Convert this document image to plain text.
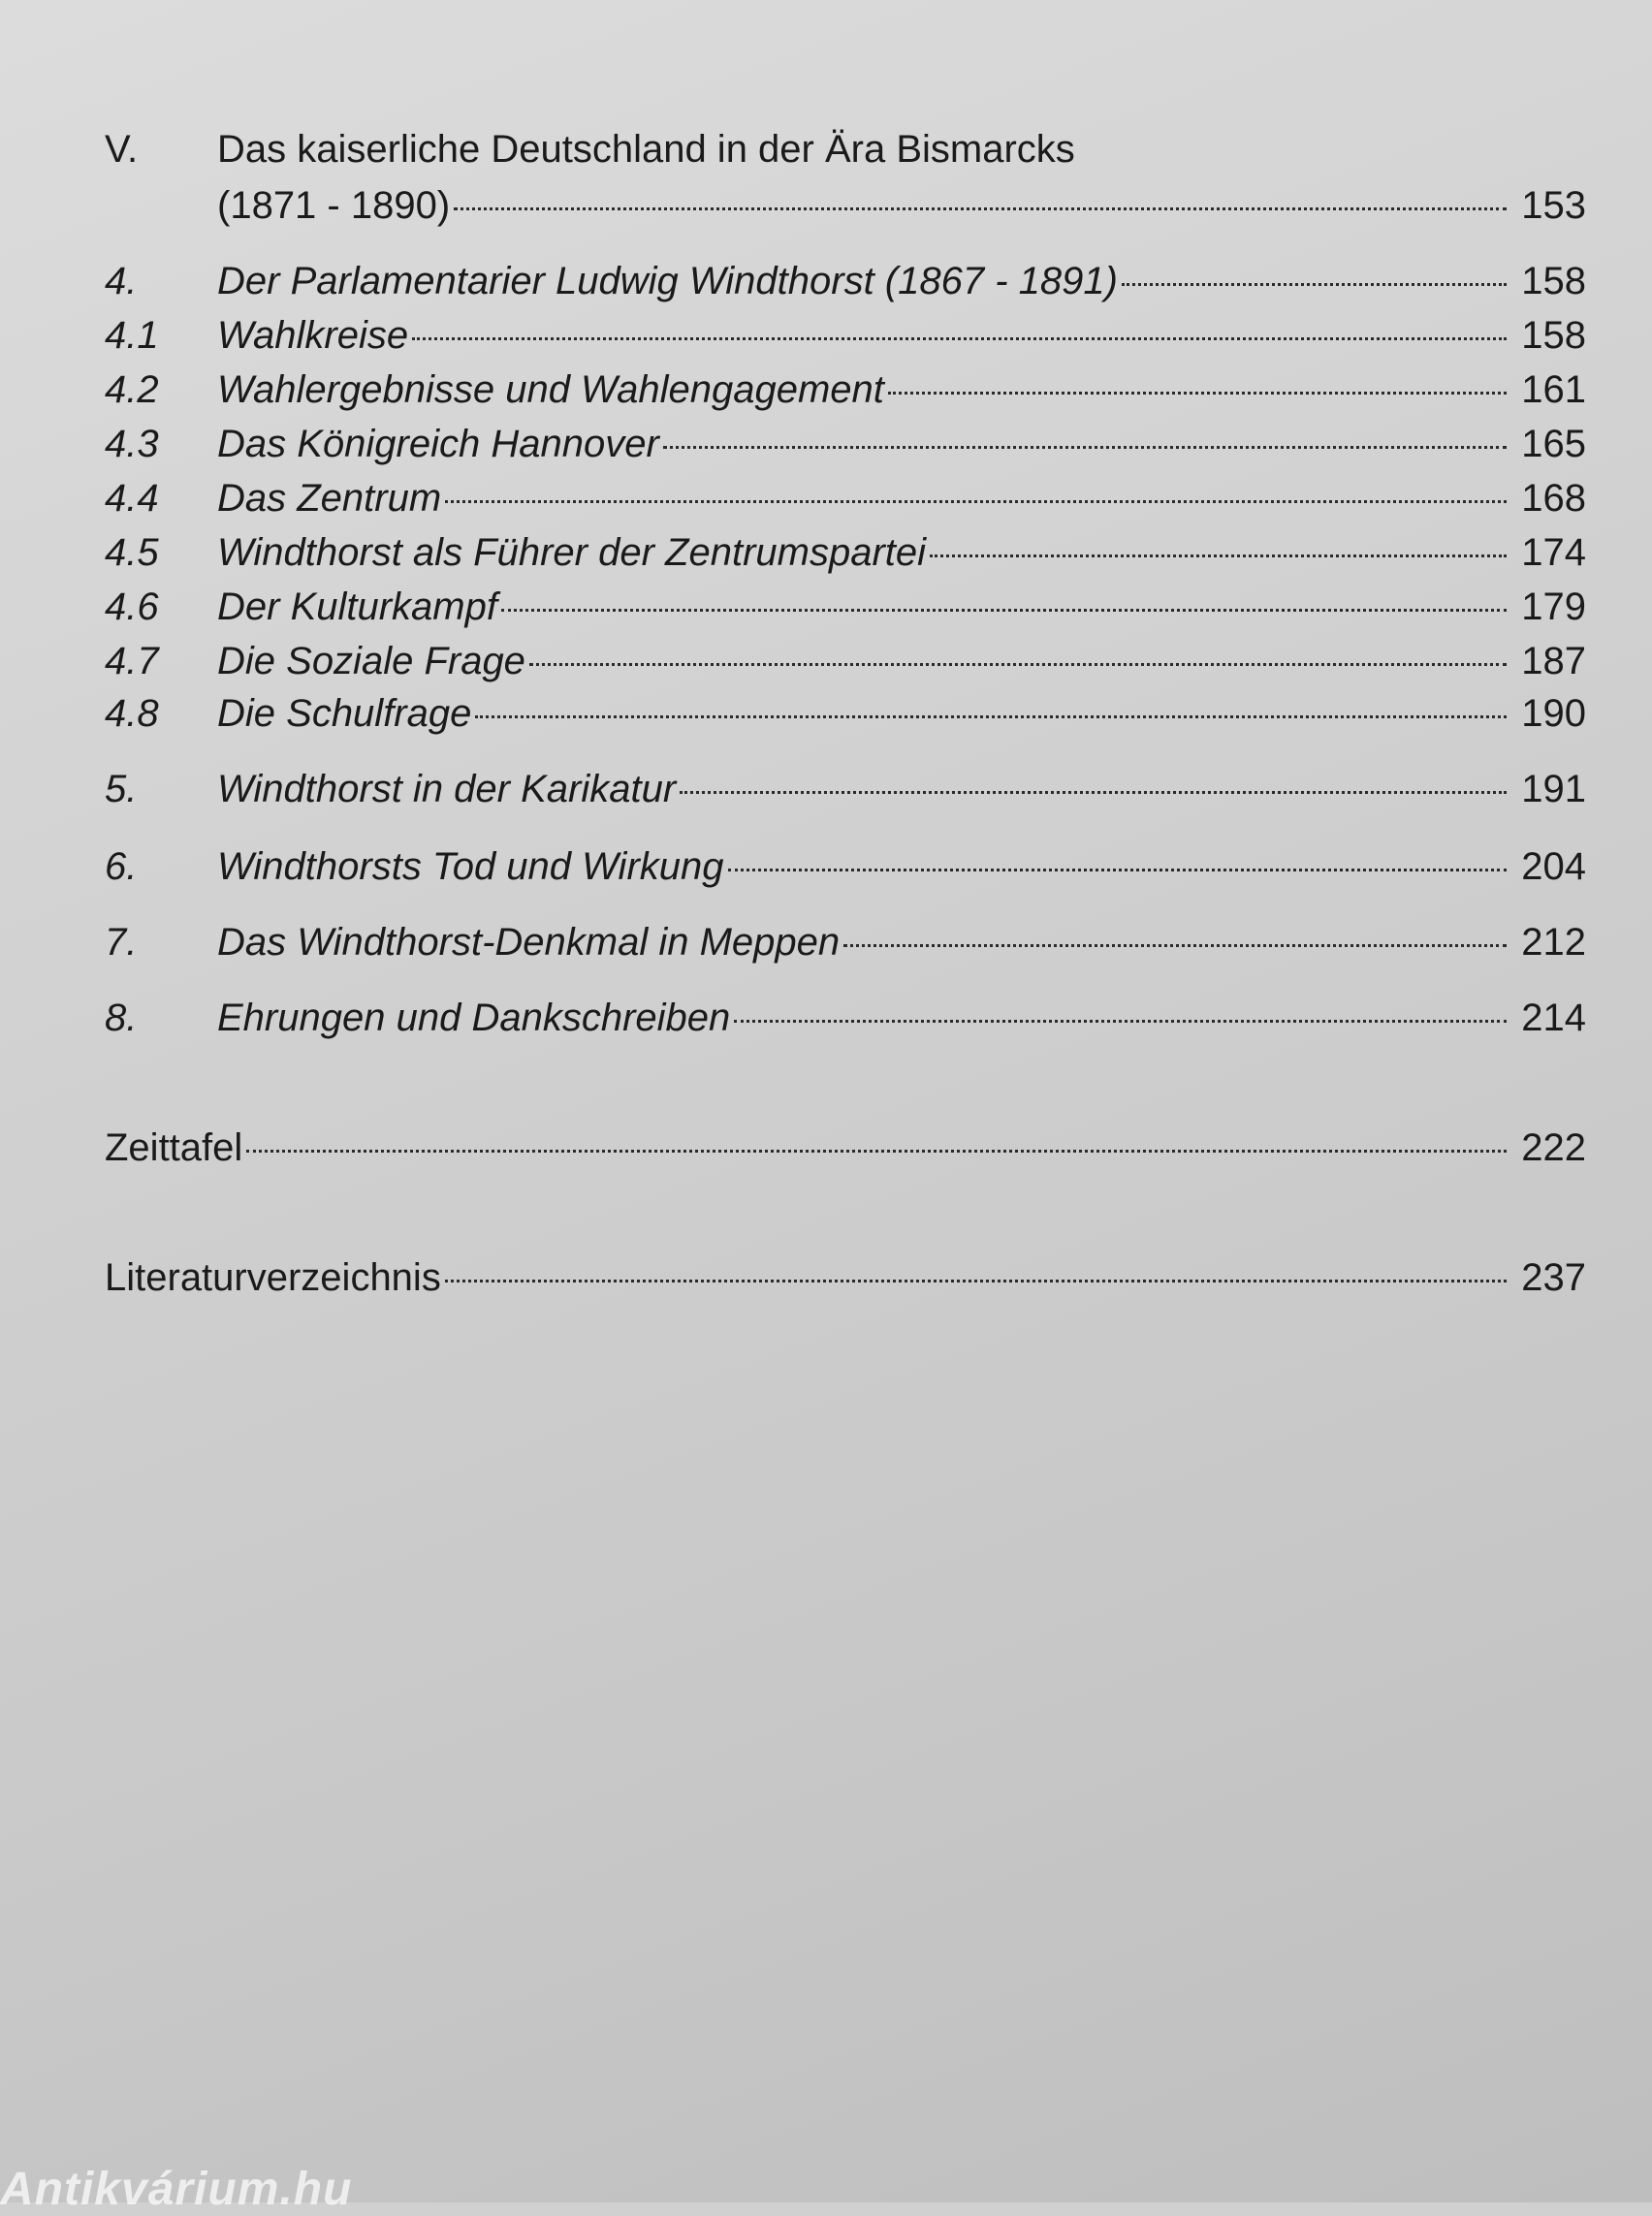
V.	Das kaiserliche Deutschland in der Ära Bismarcks
(1871 - 1890)	153
4.	Der Parlamentarier Ludwig Windthorst (1867 - 1891)	158
4.1	Wahlkreise	158
4.2	Wahlergebnisse und Wahlengagement	161
4.3	Das Königreich Hannover	165
4.4	Das Zentrum	168
4.5	Windthorst als Führer der Zentrumspartei	174
4.6	Der Kulturkampf	179
4.7	Die Soziale Frage	187
4.8	Die Schulfrage	190
5.	Windthorst in der Karikatur	191
6.	Windthorsts Tod und Wirkung	204
7.	Das Windthorst-Denkmal in Meppen	212
8.	Ehrungen und Dankschreiben	214
Zeittafel	222
Literaturverzeichnis	237
Antikvárium.hu
